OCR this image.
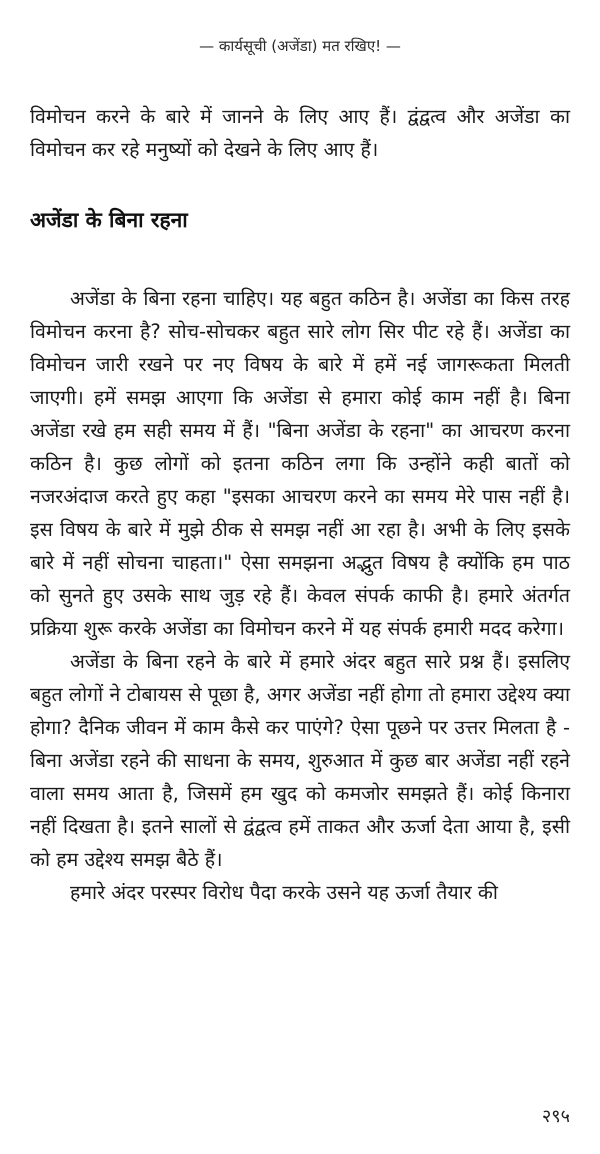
— कार्यसूची (अजेंडा) मत रखिए! —

विमोचन करने के बारे में जानने के लिए आए हैं। द्वंद्वत्व और अजेंडा का विमोचन कर रहे मनुष्यों को देखने के लिए आए हैं।

अजेंडा के बिना रहना

अजेंडा के बिना रहना चाहिए। यह बहुत कठिन है। अजेंडा का किस तरह विमोचन करना है? सोच-सोचकर बहुत सारे लोग सिर पीट रहे हैं। अजेंडा का विमोचन जारी रखने पर नए विषय के बारे में हमें नई जागरूकता मिलती जाएगी। हमें समझ आएगा कि अजेंडा से हमारा कोई काम नहीं है। बिना अजेंडा रखे हम सही समय में हैं। "बिना अजेंडा के रहना" का आचरण करना कठिन है। कुछ लोगों को इतना कठिन लगा कि उन्होंने कही बातों को नजरअंदाज करते हुए कहा "इसका आचरण करने का समय मेरे पास नहीं है। इस विषय के बारे में मुझे ठीक से समझ नहीं आ रहा है। अभी के लिए इसके बारे में नहीं सोचना चाहता।" ऐसा समझना अद्भुत विषय है क्योंकि हम पाठ को सुनते हुए उसके साथ जुड़ रहे हैं। केवल संपर्क काफी है। हमारे अंतर्गत प्रक्रिया शुरू करके अजेंडा का विमोचन करने में यह संपर्क हमारी मदद करेगा।

अजेंडा के बिना रहने के बारे में हमारे अंदर बहुत सारे प्रश्न हैं। इसलिए बहुत लोगों ने टोबायस से पूछा है, अगर अजेंडा नहीं होगा तो हमारा उद्देश्य क्या होगा? दैनिक जीवन में काम कैसे कर पाएंगे? ऐसा पूछने पर उत्तर मिलता है - बिना अजेंडा रहने की साधना के समय, शुरुआत में कुछ बार अजेंडा नहीं रहने वाला समय आता है, जिसमें हम खुद को कमजोर समझते हैं। कोई किनारा नहीं दिखता है। इतने सालों से द्वंद्वत्व हमें ताकत और ऊर्जा देता आया है, इसी को हम उद्देश्य समझ बैठे हैं।

हमारे अंदर परस्पर विरोध पैदा करके उसने यह ऊर्जा तैयार की

२९५
